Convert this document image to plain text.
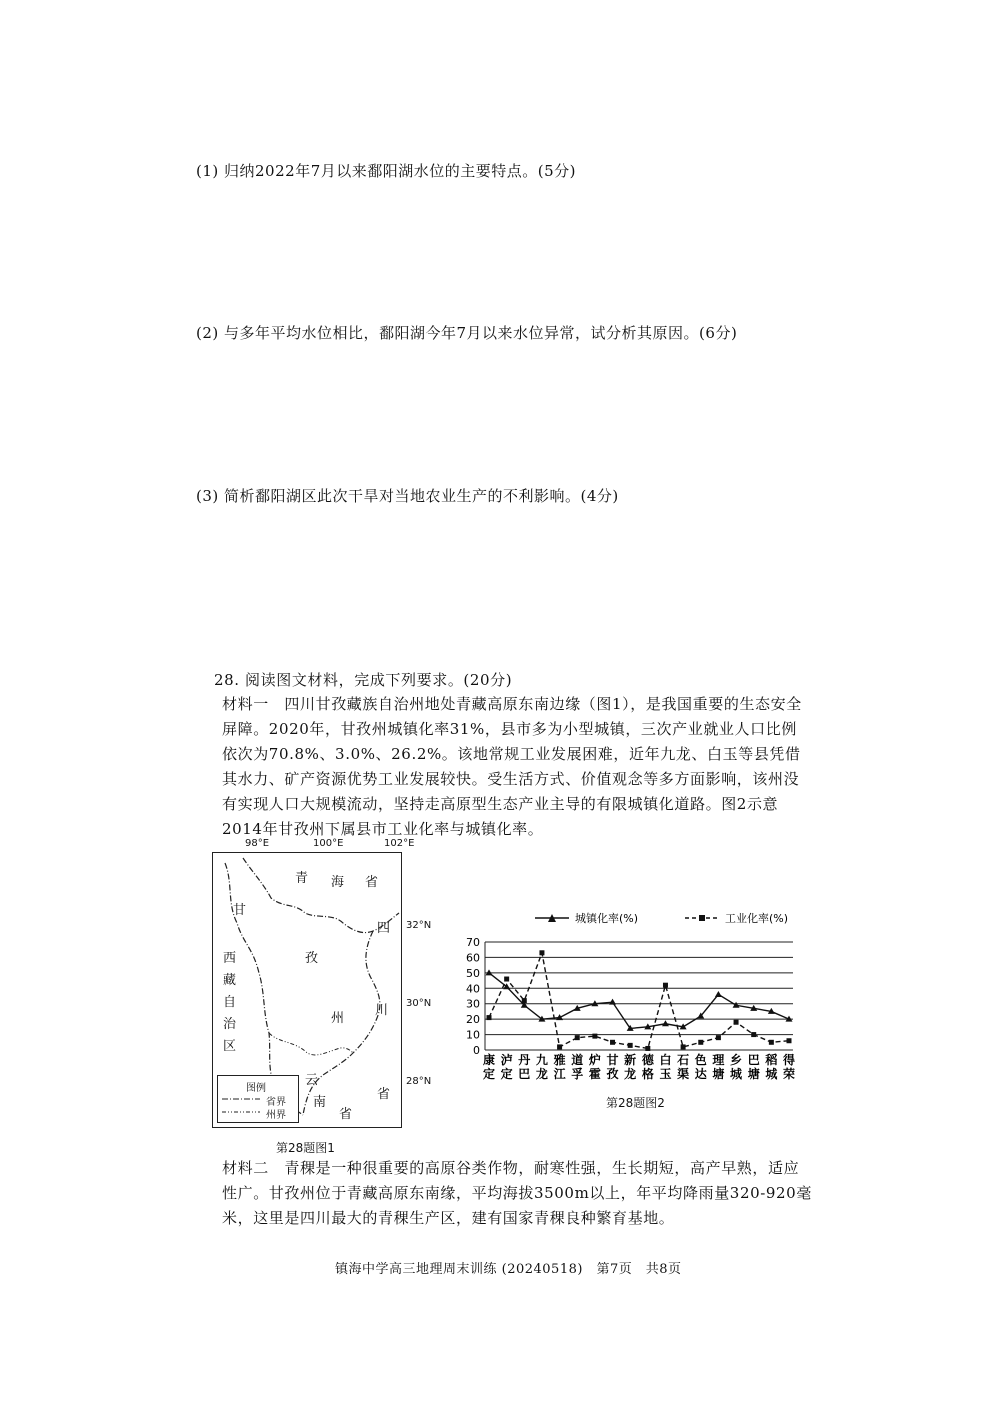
(1) 归纳2022年7月以来鄱阳湖水位的主要特点。(5分)
(2) 与多年平均水位相比，鄱阳湖今年7月以来水位异常，试分析其原因。(6分)
(3) 简析鄱阳湖区此次干旱对当地农业生产的不利影响。(4分)
28. 阅读图文材料，完成下列要求。(20分)
材料一　四川甘孜藏族自治州地处青藏高原东南边缘（图1），是我国重要的生态安全屏障。2020年，甘孜州城镇化率31%，县市多为小型城镇，三次产业就业人口比例依次为70.8%、3.0%、26.2%。该地常规工业发展困难，近年九龙、白玉等县凭借其水力、矿产资源优势工业发展较快。受生活方式、价值观念等多方面影响，该州没有实现人口大规模流动，坚持走高原型生态产业主导的有限城镇化道路。图2示意2014年甘孜州下属县市工业化率与城镇化率。
98°E	100°E	102°E
32°N
30°N
28°N
青 海 省
甘
四
西
藏
自
治
区
孜
川
州
云
南
省
省
图例
省界
州界
第28题图1
城镇化率(%)	工业化率(%)
0
10
20
30
40
50
60
70
康
定
泸
定
丹
巴
九
龙
雅
江
道
孚
炉
霍
甘
孜
新
龙
德
格
白
玉
石
渠
色
达
理
塘
乡
城
巴
塘
稻
城
得
荣
第28题图2
材料二　青稞是一种很重要的高原谷类作物，耐寒性强，生长期短，高产早熟，适应性广。甘孜州位于青藏高原东南缘，平均海拔3500m以上，年平均降雨量320-920毫米，这里是四川最大的青稞生产区，建有国家青稞良种繁育基地。
镇海中学高三地理周末训练 (20240518)　第7页　共8页
